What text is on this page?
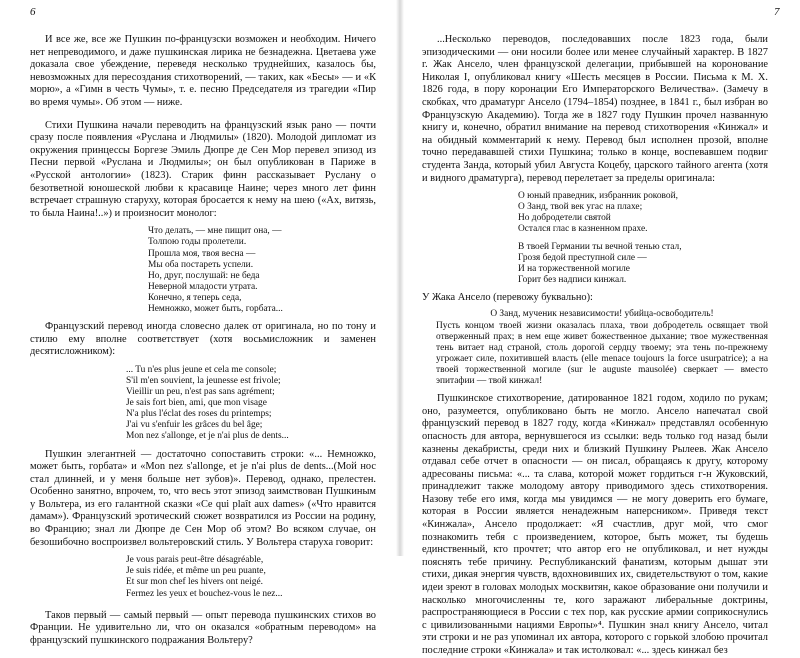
6

И все же, все же Пушкин по-французски возможен и необходим. Ничего нет непреводимого, и даже пушкинская лирика не безнадежна. Цветаева уже доказала свое убеждение, переведя несколько труднейших, казалось бы, невозможных для пересоздания стихотворений, — таких, как «Бесы» — и «К морю», а «Гимн в честь Чумы», т. е. песню Председателя из трагедии «Пир во время чумы». Об этом — ниже.

Стихи Пушкина начали переводить на французский язык рано — почти сразу после появления «Руслана и Людмилы» (1820). Молодой дипломат из окружения принцессы Боргезе Эмиль Дюпре де Сен Мор перевел эпизод из Песни первой «Руслана и Людмилы»; он был опубликован в Париже в «Русской антологии» (1823). Старик финн рассказывает Руслану о безответной юношеской любви к красавице Наине; через много лет финн встречает страшную старуху, которая бросается к нему на шею («Ах, витязь, то была Наина!..») и произносит монолог:

Что делать, — мне пищит она, —
Толпою годы пролетели.
Прошла моя, твоя весна —
Мы оба постареть успели.
Но, друг, послушай: не беда
Неверной младости утрата.
Конечно, я теперь седа,
Немножко, может быть, горбата...

Французский перевод иногда словесно далек от оригинала, но по тону и стилю ему вполне соответствует (хотя восьмисложник и заменен десятисложником):

... Tu n'es plus jeune et cela me console;
S'il m'en souvient, la jeunesse est frivole;
Vieillir un peu, n'est pas sans agrément;
Je sais fort bien, ami, que mon visage
N'a plus l'éclat des roses du printemps;
J'ai vu s'enfuir les grâces du bel âge;
Mon nez s'allonge, et je n'ai plus de dents...

Пушкин элегантней — достаточно сопоставить строки: «... Немножко, может быть, горбата» и «Mon nez s'allonge, et je n'ai plus de dents...(Мой нос стал длинней, и у меня больше нет зубов)». Перевод, однако, прелестен. Особенно занятно, впрочем, то, что весь этот эпизод заимствован Пушкиным у Вольтера, из его галантной сказки «Ce qui plaît aux dames» («Что нравится дамам»). Французский эротический сюжет возвратился из России на родину, во Францию; знал ли Дюпре де Сен Мор об этом? Во всяком случае, он безошибочно воспроизвел вольтеровский стиль. У Вольтера старуха говорит:

Je vous parais peut-être désagréable,
Je suis ridée, et même un peu puante,
Et sur mon chef les hivers ont neigé.
Fermez les yeux et bouchez-vous le nez...

Таков первый — самый первый — опыт перевода пушкинских стихов во Франции. Не удивительно ли, что он оказался «обратным переводом» на французский пушкинского подражания Вольтеру?

7

...Несколько переводов, последовавших после 1823 года, были эпизодическими — они носили более или менее случайный характер. В 1827 г. Жак Ансело, член французской делегации, прибывшей на коронование Николая I, опубликовал книгу «Шесть месяцев в России. Письма к М. Х. 1826 года, в пору коронации Его Императорского Величества». (Замечу в скобках, что драматург Ансело (1794–1854) позднее, в 1841 г., был избран во Французскую Академию). Тогда же в 1827 году Пушкин прочел названную книгу и, конечно, обратил внимание на перевод стихотворения «Кинжал» и на обидный комментарий к нему. Перевод был исполнен прозой, вполне точно передававшей стихи Пушкина; только в конце, воспевавшем подвиг студента Занда, который убил Августа Коцебу, царского тайного агента (хотя и видного драматурга), перевод перелетает за пределы оригинала:

О юный праведник, избранник роковой,
О Занд, твой век угас на плахе;
Но добродетели святой
Остался глас в казненном прахе.
В твоей Германии ты вечной тенью стал,
Грозя бедой преступной силе —
И на торжественной могиле
Горит без надписи кинжал.

У Жака Ансело (перевожу буквально):

О Занд, мученик независимости! убийца-освободитель!
Пусть концом твоей жизни оказалась плаха, твои добродетель освящает твой отверженный прах; в нем еще живет божественное дыхание; твое мужественная тень витает над страной, столь дорогой сердцу твоему; эта тень по-прежнему угрожает силе, похитившей власть (elle menace toujours la force usurpatrice); а на твоей торжественной могиле (sur le auguste mausolée) сверкает — вместо эпитафии — твой кинжал!

Пушкинское стихотворение, датированное 1821 годом, ходило по рукам; оно, разумеется, опубликовано быть не могло. Ансело напечатал свой французский перевод в 1827 году, когда «Кинжал» представлял особенную опасность для автора, вернувшегося из ссылки: ведь только год назад были казнены декабристы, среди них и близкий Пушкину Рылеев. Жак Ансело отдавал себе отчет в опасности — он писал, обращаясь к другу, которому адресованы письма: «... та слава, которой может гордиться г-н Жуковский, принадлежит также молодому автору приводимого здесь стихотворения. Назову тебе его имя, когда мы увидимся — не могу доверить его бумаге, которая в России является ненадежным наперсником». Приведя текст «Кинжала», Ансело продолжает: «Я счастлив, друг мой, что смог познакомить тебя с произведением, которое, быть может, ты будешь единственный, кто прочтет; что автор его не опубликовал, и нет нужды пояснять тебе причину. Республиканский фанатизм, которым дышат эти стихи, дикая энергия чувств, вдохновивших их, свидетельствуют о том, какие идеи зреют в головах молодых москвитян, какое образование они получили и насколько многочисленны те, кого заражают либеральные доктрины, распространяющиеся в России с тех пор, как русские армии соприкоснулись с цивилизованными нациями Европы»⁴. Пушкин знал книгу Ансело, читал эти строки и не раз упоминал их автора, которого с горькой злобою прочитал последние строки «Кинжала» и так истолковал: «... здесь кинжал без
